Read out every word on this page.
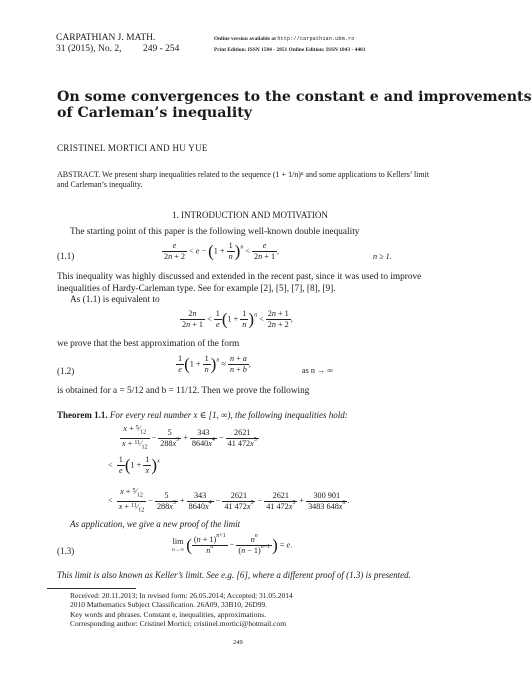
CARPATHIAN J. MATH.
31 (2015), No. 2, 249 - 254
Online version available at http://carpathian.ubm.ro
Print Edition: ISSN 1584 - 2851 Online Edition: ISSN 1843 - 4401
On some convergences to the constant e and improvements
of Carleman’s inequality
CRISTINEL MORTICI AND HU YUE
ABSTRACT. We present sharp inequalities related to the sequence (1 + 1/n)ⁿ and some applications to Kellers’ limit and Carleman’s inequality.
1. INTRODUCTION AND MOTIVATION
The starting point of this paper is the following well-known double inequality
(1.1)	$\frac{e}{2n + 2} < e - (1 + \frac{1}{n} )^n < \frac{e}{2n + 1}$ ,
n ≥ 1.
This inequality was highly discussed and extended in the recent past, since it was used to improve inequalities of Hardy-Carleman type. See for example [2], [5], [7], [8], [9].
As (1.1) is equivalent to
$\frac{2n}{2n + 1} < \frac{1}{e} (1 + \frac{1}{n} )^n < \frac{2n + 1}{2n + 2}$ ,
we prove that the best approximation of the form
(1.2)	$\frac{1}{e} (1 + \frac{1}{n} )^n \approx \frac{n + a}{n + b}$ ,
as n → ∞
is obtained for a = 5/12 and b = 11/12. Then we prove the following
Theorem 1.1. For every real number x ∈ [1, ∞), the following inequalities hold:
$\frac{x + ^5⁄_{12}}{x + ^{11}⁄_{12}} - \frac{5}{288x^3} + \frac{343}{8640x^4} - \frac{2621}{41 472x^5}$
< $\frac{1}{e} (1 + \frac{1}{x} )^x$
< $\frac{x + ^5⁄_{12}}{x + ^{11}⁄_{12}} - \frac{5}{288x^3} + \frac{343}{8640x^4} - \frac{2621}{41 472x^5} - \frac{2621}{41 472x^5} + \frac{300 901}{3483 648x^6}$ .
As application, we give a new proof of the limit
(1.3)
lim
n→∞ ( $\frac{(n + 1)^{n+1}}{n^n} - \frac{n^n}{(n - 1)^{n-1}}$ ) = e.
This limit is also known as Keller’s limit. See e.g. [6], where a different proof of (1.3) is presented.
Received: 20.11.2013; In revised form: 26.05.2014; Accepted: 31.05.2014
2010 Mathematics Subject Classification. 26A09, 33B10, 26D99.
Key words and phrases. Constant e, inequalities, approximations.
Corresponding author: Cristinel Mortici; cristinel.mortici@hotmail.com
249
